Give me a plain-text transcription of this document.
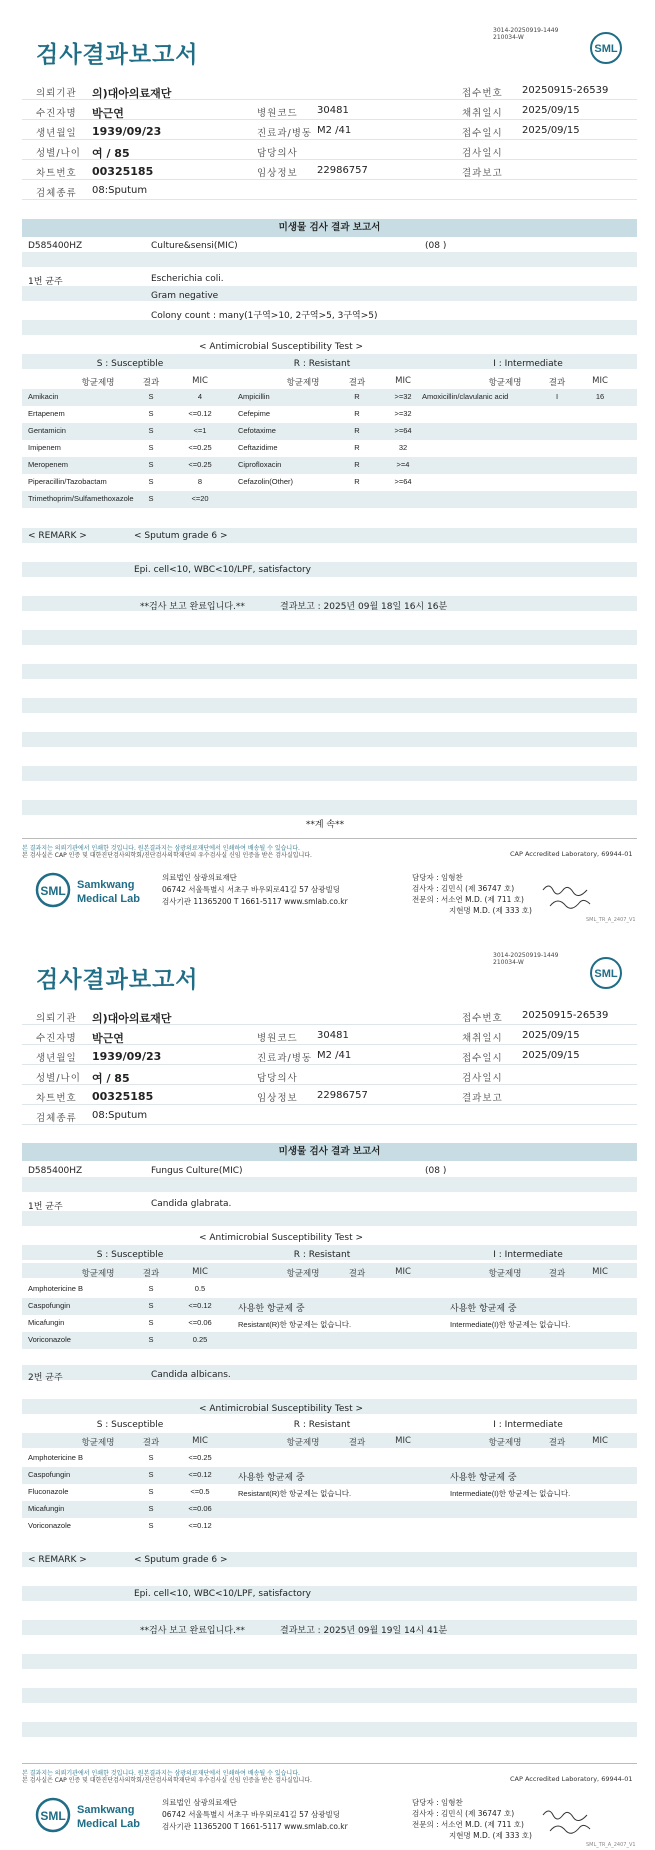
검사결과보고서
3014-20250919-1449
210034-W
SML
의뢰기관 의)대아의료재단	접수번호 20250915-26539
수진자명 박근연	병원코드 30481	채취일시 2025/09/15
생년월일 1939/09/23	진료과/병동 M2 /41	접수일시 2025/09/15
성별/나이 여 / 85	담당의사	검사일시
차트번호 00325185	임상정보 22986757	결과보고
검체종류 08:Sputum
미생물 검사 결과 보고서
D585400HZ	Culture&sensi(MIC)	(08 )
1번 균주	Escherichia coli.
Gram negative
Colony count : many(1구역>10, 2구역>5, 3구역>5)
< Antimicrobial Susceptibility Test >
S : Susceptible	R : Resistant	I : Intermediate
항균제명	결과	MIC	항균제명	결과	MIC	항균제명	결과	MIC
Amikacin	S	4	Ampicillin	R	>=32 Amoxicillin/clavulanic acid	I	16
Ertapenem	S	<=0.12	Cefepime	R	>=32
Gentamicin	S	<=1	Cefotaxime	R	>=64
Imipenem	S	<=0.25	Ceftazidime	R	32
Meropenem	S	<=0.25	Ciprofloxacin	R	>=4
Piperacillin/Tazobactam	S	8	Cefazolin(Other)	R	>=64
Trimethoprim/Sulfamethoxazole S	<=20
< REMARK >	< Sputum grade 6 >
Epi. cell<10, WBC<10/LPF, satisfactory
**검사 보고 완료입니다.**	결과보고 : 2025년 09월 18일 16시 16분
**계 속**
본 결과지는 의뢰기관에서 인쇄한 것입니다. 원본결과지는 삼광의료재단에서 인쇄하여 배송될 수 있습니다.
본 검사실은 CAP 인증 및 대한진단검사의학회/진단검사의학재단의 우수검사실 신임 인증을 받은 검사실입니다.	CAP Accredited Laboratory, 69944-01
SML Samkwang
Medical Lab
의료법인 삼광의료재단
06742 서울특별시 서초구 바우뫼로41길 57 삼광빌딩
검사기관 11365200 T 1661-5117 www.smlab.co.kr
담당자 : 임형찬
검사자 : 김민식 (제 36747 호)
전문의 : 서소연 M.D. (제 711 호)
지현명 M.D. (제 333 호)
SML_TR_A_2407_V1
검사결과보고서
3014-20250919-1449
210034-W
SML
의뢰기관 의)대아의료재단	접수번호 20250915-26539
수진자명 박근연	병원코드 30481	채취일시 2025/09/15
생년월일 1939/09/23	진료과/병동 M2 /41	접수일시 2025/09/15
성별/나이 여 / 85	담당의사	검사일시
차트번호 00325185	임상정보 22986757	결과보고
검체종류 08:Sputum
미생물 검사 결과 보고서
D585400HZ	Fungus Culture(MIC)	(08 )
1번 균주	Candida glabrata.
< Antimicrobial Susceptibility Test >
S : Susceptible	R : Resistant	I : Intermediate
항균제명	결과	MIC	항균제명	결과	MIC	항균제명	결과	MIC
Amphotericine B	S	0.5
Caspofungin	S	<=0.12
Micafungin	S	<=0.06
Voriconazole	S	0.25
사용한 항균제 중
Resistant(R)한 항균제는 없습니다.
사용한 항균제 중
Intermediate(I)한 항균제는 없습니다.
2번 균주	Candida albicans.
< Antimicrobial Susceptibility Test >
S : Susceptible	R : Resistant	I : Intermediate
항균제명	결과	MIC	항균제명	결과	MIC	항균제명	결과	MIC
Amphotericine B	S	<=0.25
Caspofungin	S	<=0.12
Fluconazole	S	<=0.5
Micafungin	S	<=0.06
Voriconazole	S	<=0.12
사용한 항균제 중
Resistant(R)한 항균제는 없습니다.
사용한 항균제 중
Intermediate(I)한 항균제는 없습니다.
< REMARK >	< Sputum grade 6 >
Epi. cell<10, WBC<10/LPF, satisfactory
**검사 보고 완료입니다.**	결과보고 : 2025년 09월 19일 14시 41분
본 결과지는 의뢰기관에서 인쇄한 것입니다. 원본결과지는 삼광의료재단에서 인쇄하여 배송될 수 있습니다.
본 검사실은 CAP 인증 및 대한진단검사의학회/진단검사의학재단의 우수검사실 신임 인증을 받은 검사실입니다.	CAP Accredited Laboratory, 69944-01
SML Samkwang
Medical Lab
의료법인 삼광의료재단
06742 서울특별시 서초구 바우뫼로41길 57 삼광빌딩
검사기관 11365200 T 1661-5117 www.smlab.co.kr
담당자 : 임형찬
검사자 : 김민식 (제 36747 호)
전문의 : 서소연 M.D. (제 711 호)
지현명 M.D. (제 333 호)
SML_TR_A_2407_V1
